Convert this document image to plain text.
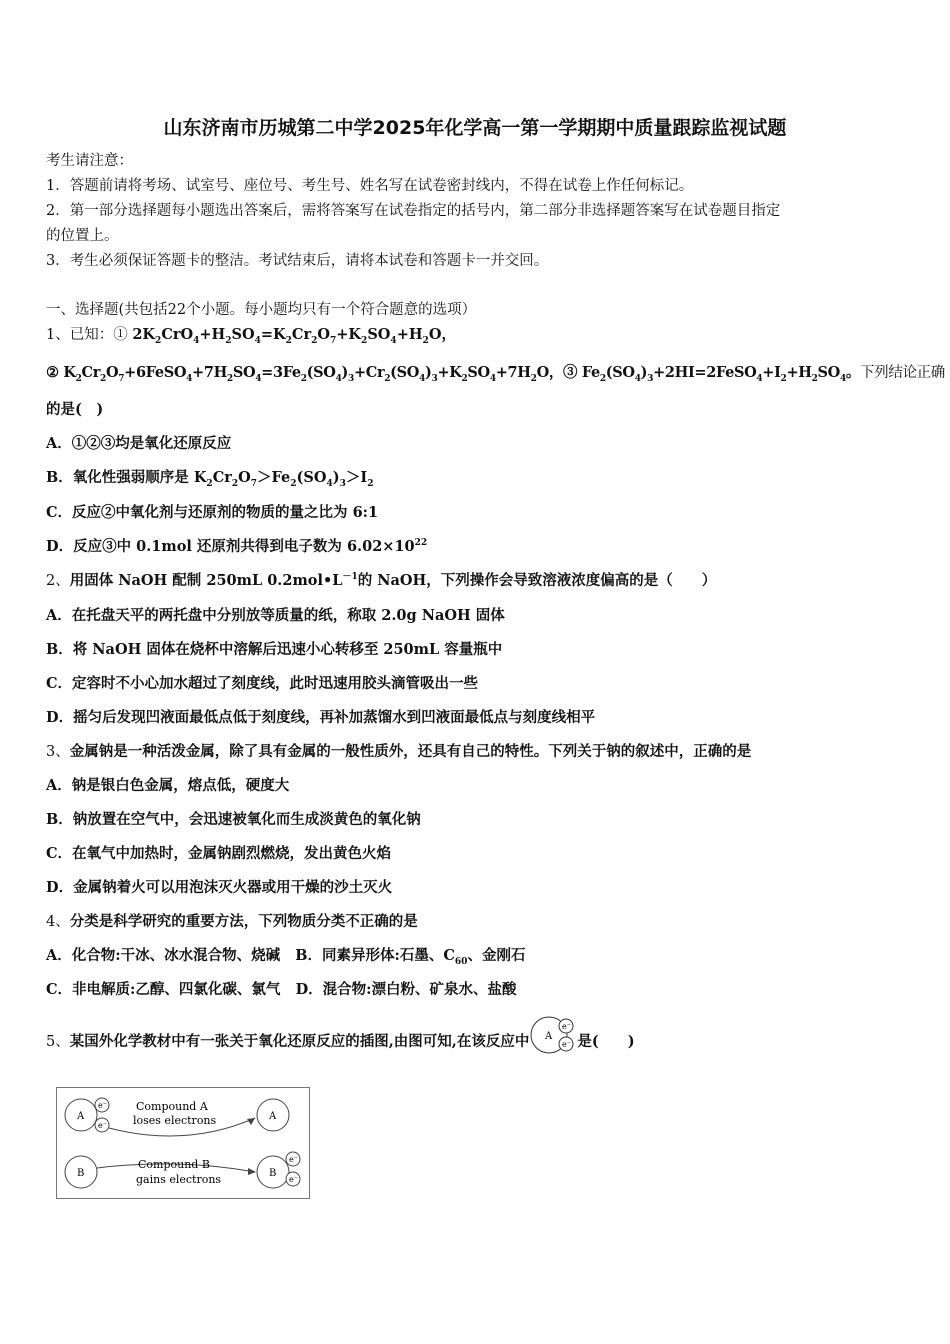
山东济南市历城第二中学2025年化学高一第一学期期中质量跟踪监视试题
考生请注意：
1．答题前请将考场、试室号、座位号、考生号、姓名写在试卷密封线内，不得在试卷上作任何标记。
2．第一部分选择题每小题选出答案后，需将答案写在试卷指定的括号内，第二部分非选择题答案写在试卷题目指定
的位置上。
3．考生必须保证答题卡的整洁。考试结束后，请将本试卷和答题卡一并交回。
一、选择题(共包括22个小题。每小题均只有一个符合题意的选项）
1、已知：① $2K_2CrO_4+H_2SO_4=K_2Cr_2O_7+K_2SO_4+H_2O$，
② $K_2Cr_2O_7+6FeSO_4+7H_2SO_4=3Fe_2(SO_4)_3+Cr_2(SO_4)_3+K_2SO_4+7H_2O$，③ $Fe_2(SO_4)_3+2HI=2FeSO_4+I_2+H_2SO_4$。下列结论正确
的是(　)
A．①②③均是氧化还原反应
B．氧化性强弱顺序是 $K_2Cr_2O_7>Fe_2(SO_4)_3>I_2$
C．反应②中氧化剂与还原剂的物质的量之比为 6:1
D．反应③中 0.1mol 还原剂共得到电子数为 $6.02\times 10^{22}$
2、用固体 NaOH 配制 250mL $0.2mol•L^{-1}$的 NaOH，下列操作会导致溶液浓度偏高的是（　　）
A．在托盘天平的两托盘中分别放等质量的纸，称取 2.0g NaOH 固体
B．将 NaOH 固体在烧杯中溶解后迅速小心转移至 250mL 容量瓶中
C．定容时不小心加水超过了刻度线，此时迅速用胶头滴管吸出一些
D．摇匀后发现凹液面最低点低于刻度线，再补加蒸馏水到凹液面最低点与刻度线相平
3、金属钠是一种活泼金属，除了具有金属的一般性质外，还具有自己的特性。下列关于钠的叙述中，正确的是
A．钠是银白色金属，熔点低，硬度大
B．钠放置在空气中，会迅速被氧化而生成淡黄色的氧化钠
C．在氧气中加热时，金属钠剧烈燃烧，发出黄色火焰
D．金属钠着火可以用泡沫灭火器或用干燥的沙土灭火
4、分类是科学研究的重要方法，下列物质分类不正确的是
A．化合物:干冰、冰水混合物、烧碱 B．同素异形体:石墨、$C_{60}$、金刚石
C．非电解质:乙醇、四氯化碳、氯气 D．混合物:漂白粉、矿泉水、盐酸
5、某国外化学教材中有一张关于氧化还原反应的插图,由图可知,在该反应中 A
e⁻
e⁻ 是(　　)
A
e⁻
e⁻
A
B	B
e⁻
e⁻
Compound A
loses electrons
Compound B
gains electrons
